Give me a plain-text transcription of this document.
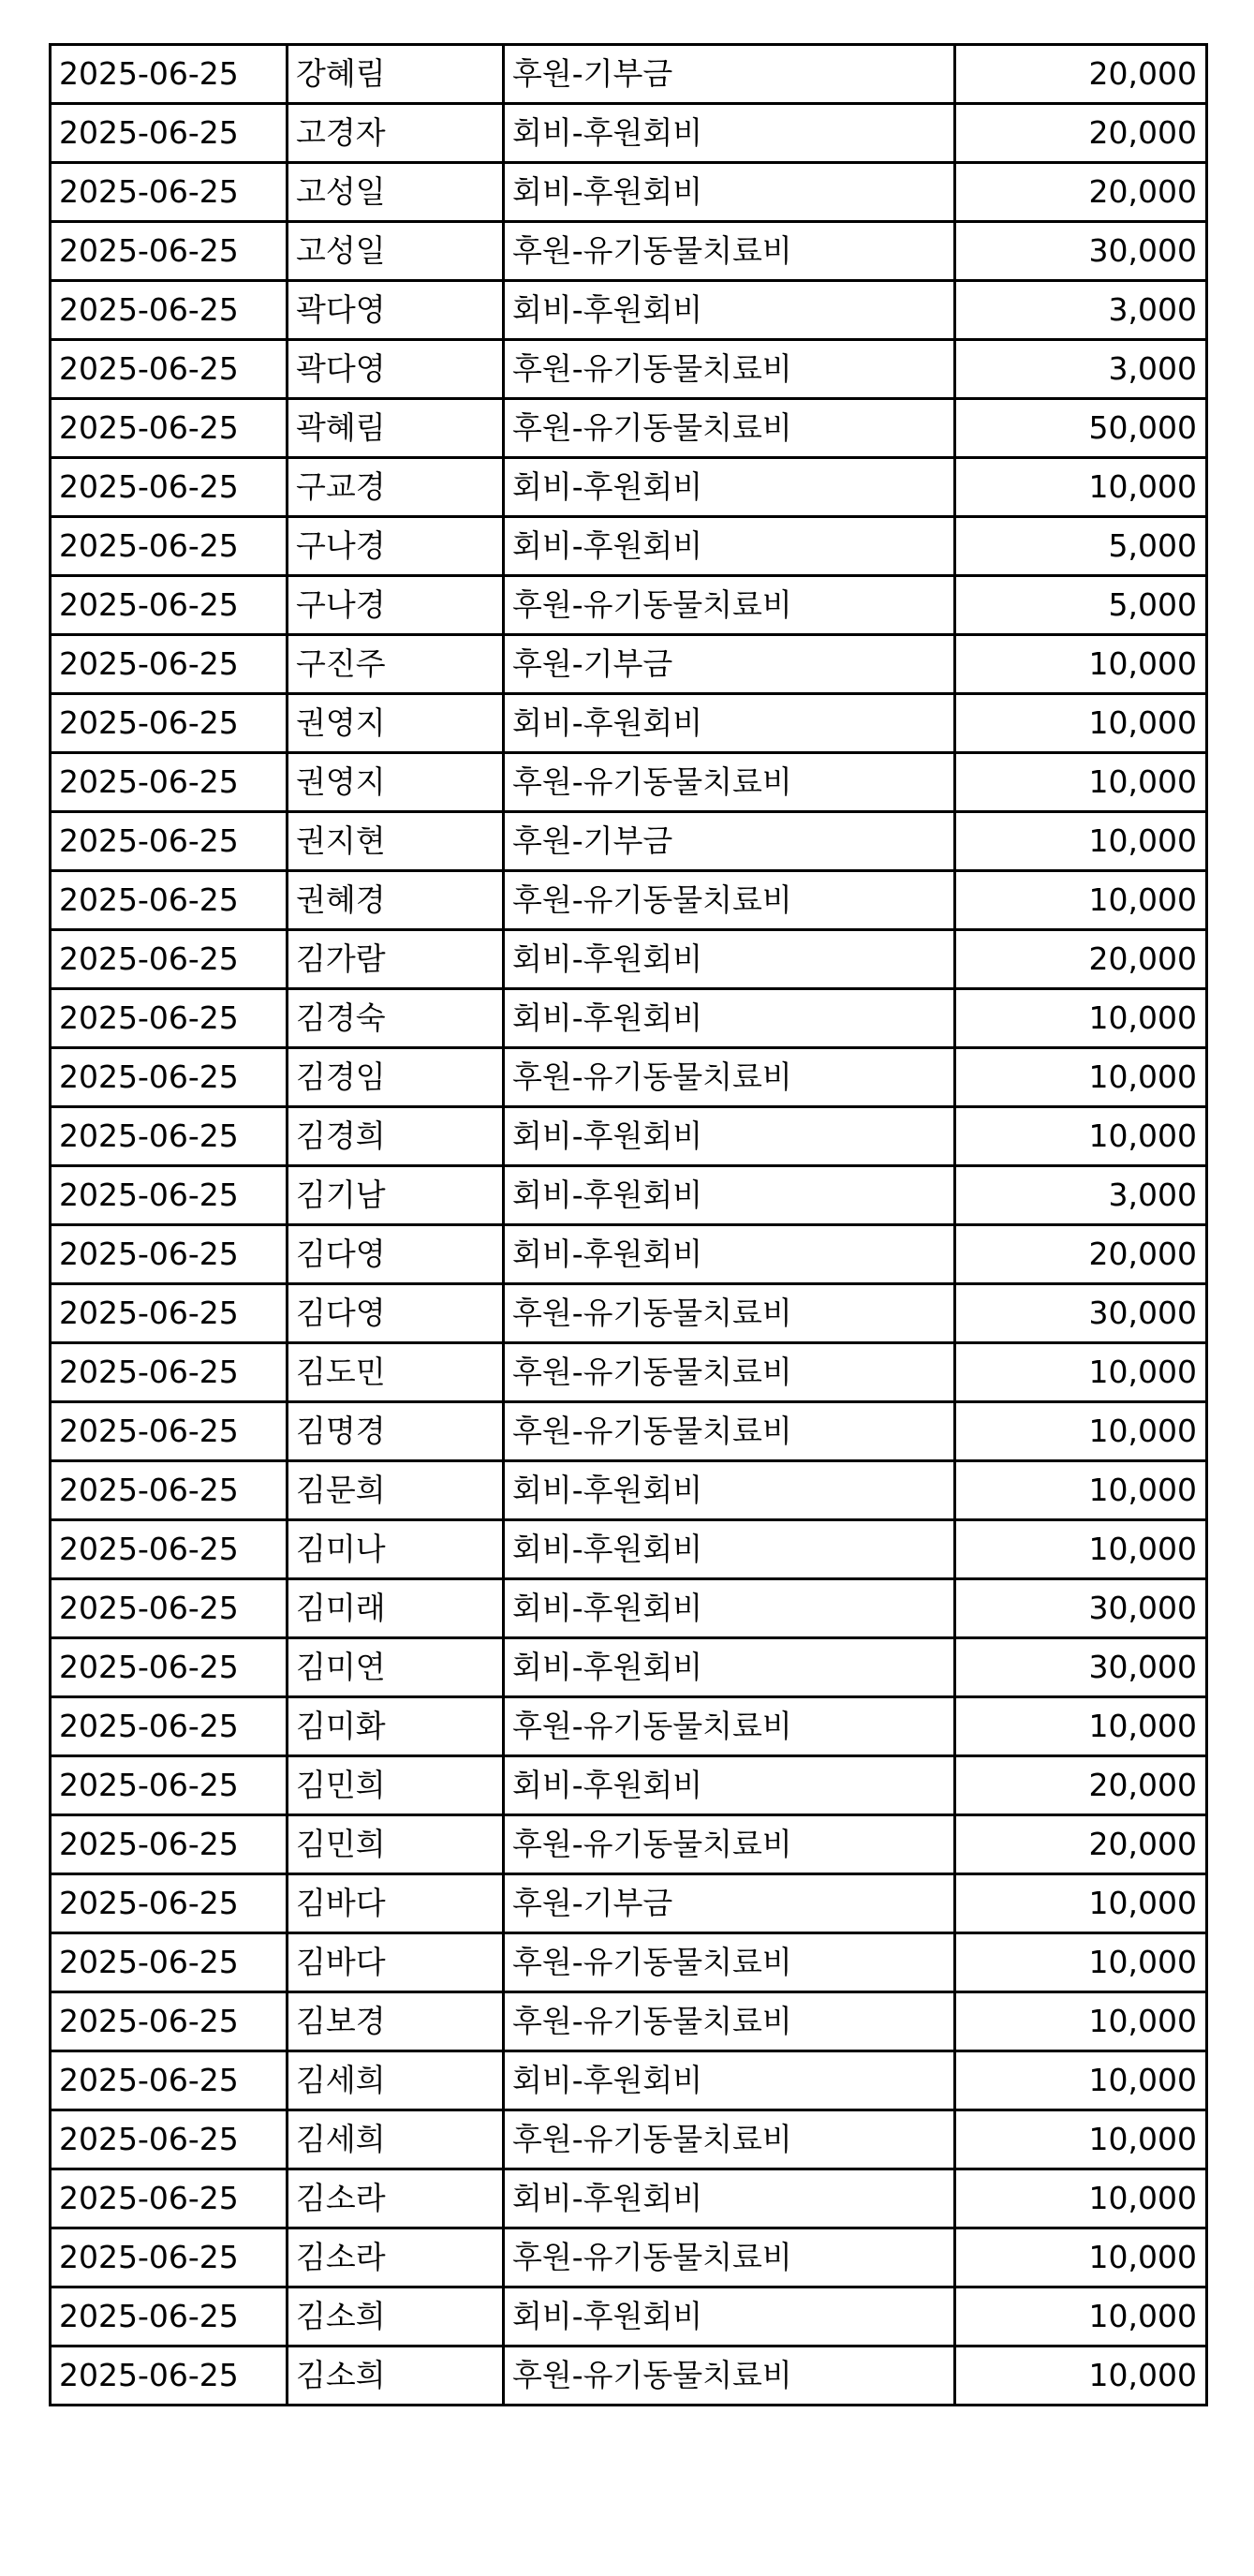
2025-06-25	강혜림	후원-기부금	20,000
2025-06-25	고경자	회비-후원회비	20,000
2025-06-25	고성일	회비-후원회비	20,000
2025-06-25	고성일	후원-유기동물치료비	30,000
2025-06-25	곽다영	회비-후원회비	3,000
2025-06-25	곽다영	후원-유기동물치료비	3,000
2025-06-25	곽혜림	후원-유기동물치료비	50,000
2025-06-25	구교경	회비-후원회비	10,000
2025-06-25	구나경	회비-후원회비	5,000
2025-06-25	구나경	후원-유기동물치료비	5,000
2025-06-25	구진주	후원-기부금	10,000
2025-06-25	권영지	회비-후원회비	10,000
2025-06-25	권영지	후원-유기동물치료비	10,000
2025-06-25	권지현	후원-기부금	10,000
2025-06-25	권혜경	후원-유기동물치료비	10,000
2025-06-25	김가람	회비-후원회비	20,000
2025-06-25	김경숙	회비-후원회비	10,000
2025-06-25	김경임	후원-유기동물치료비	10,000
2025-06-25	김경희	회비-후원회비	10,000
2025-06-25	김기남	회비-후원회비	3,000
2025-06-25	김다영	회비-후원회비	20,000
2025-06-25	김다영	후원-유기동물치료비	30,000
2025-06-25	김도민	후원-유기동물치료비	10,000
2025-06-25	김명경	후원-유기동물치료비	10,000
2025-06-25	김문희	회비-후원회비	10,000
2025-06-25	김미나	회비-후원회비	10,000
2025-06-25	김미래	회비-후원회비	30,000
2025-06-25	김미연	회비-후원회비	30,000
2025-06-25	김미화	후원-유기동물치료비	10,000
2025-06-25	김민희	회비-후원회비	20,000
2025-06-25	김민희	후원-유기동물치료비	20,000
2025-06-25	김바다	후원-기부금	10,000
2025-06-25	김바다	후원-유기동물치료비	10,000
2025-06-25	김보경	후원-유기동물치료비	10,000
2025-06-25	김세희	회비-후원회비	10,000
2025-06-25	김세희	후원-유기동물치료비	10,000
2025-06-25	김소라	회비-후원회비	10,000
2025-06-25	김소라	후원-유기동물치료비	10,000
2025-06-25	김소희	회비-후원회비	10,000
2025-06-25	김소희	후원-유기동물치료비	10,000
